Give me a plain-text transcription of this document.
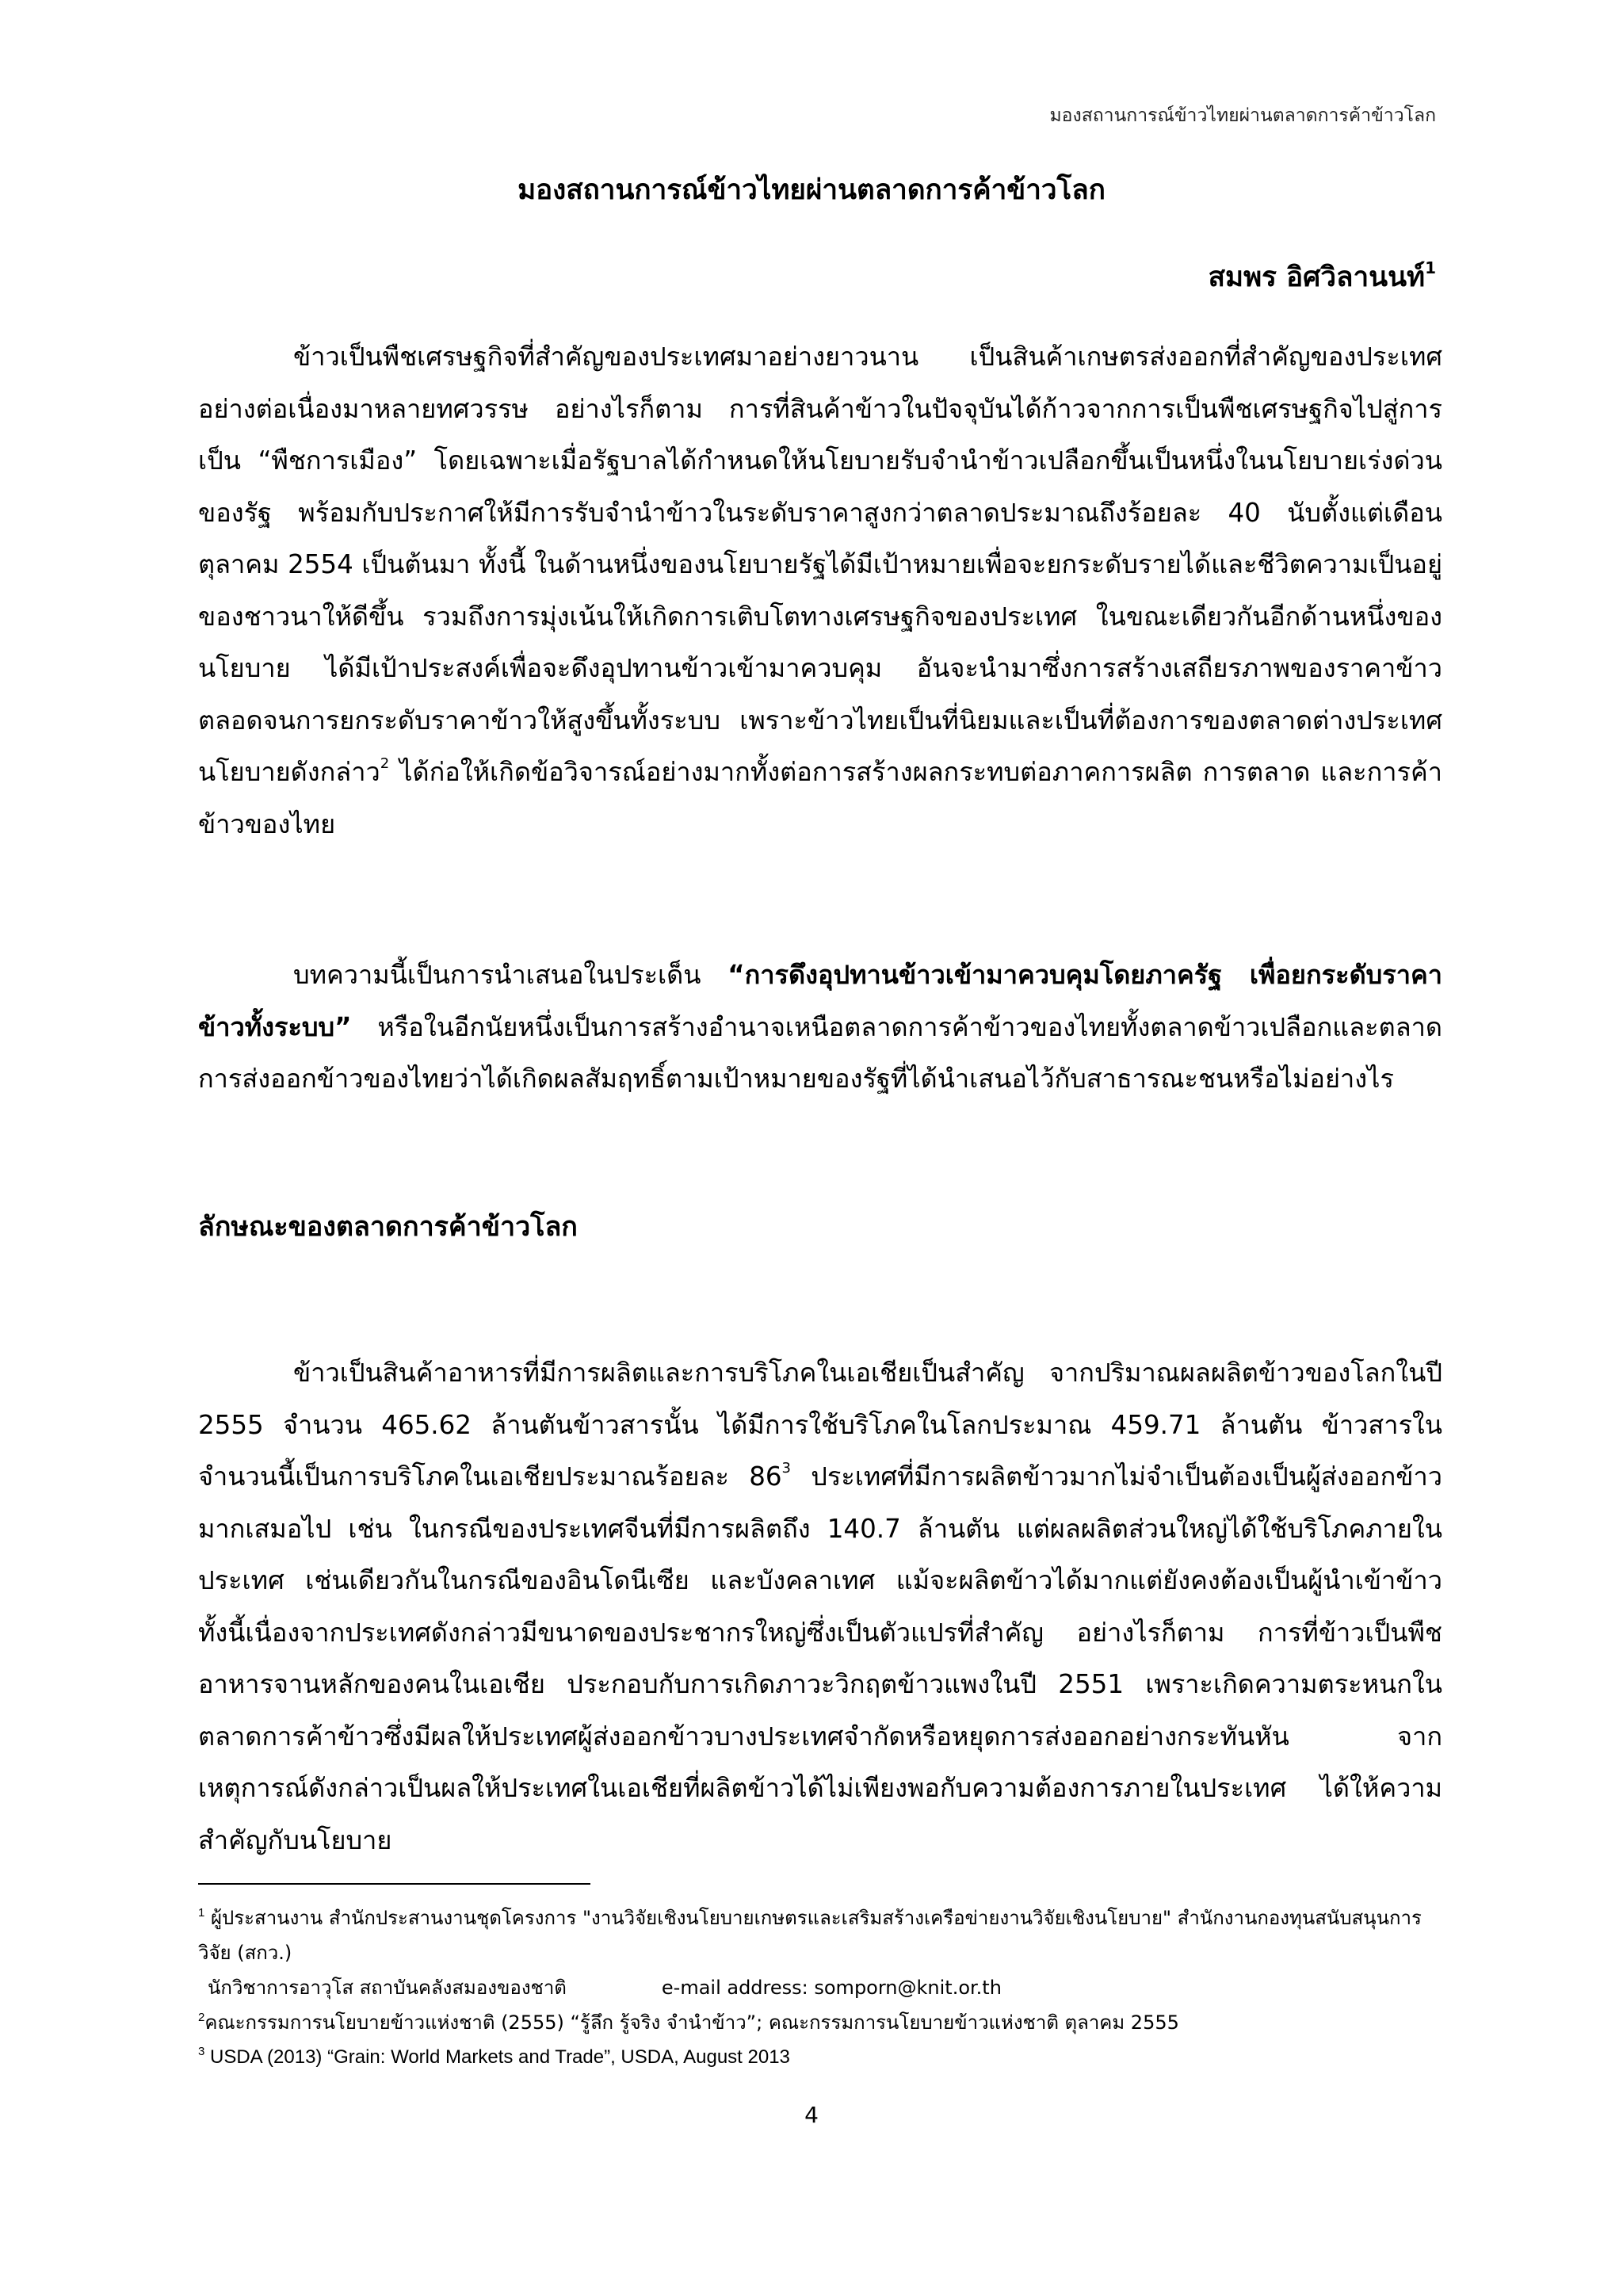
มองสถานการณ์ข้าวไทยผ่านตลาดการค้าข้าวโลก
มองสถานการณ์ข้าวไทยผ่านตลาดการค้าข้าวโลก
สมพร อิศวิลานนท์$^1$
ข้าวเป็นพืชเศรษฐกิจที่สำคัญของประเทศมาอย่างยาวนาน เป็นสินค้าเกษตรส่งออกที่สำคัญของประเทศอย่างต่อเนื่องมาหลายทศวรรษ อย่างไรก็ตาม การที่สินค้าข้าวในปัจจุบันได้ก้าวจากการเป็นพืชเศรษฐกิจไปสู่การเป็น “พืชการเมือง” โดยเฉพาะเมื่อรัฐบาลได้กำหนดให้นโยบายรับจำนำข้าวเปลือกขึ้นเป็นหนึ่งในนโยบายเร่งด่วนของรัฐ พร้อมกับประกาศให้มีการรับจำนำข้าวในระดับราคาสูงกว่าตลาดประมาณถึงร้อยละ 40 นับตั้งแต่เดือนตุลาคม 2554 เป็นต้นมา ทั้งนี้ ในด้านหนึ่งของนโยบายรัฐได้มีเป้าหมายเพื่อจะยกระดับรายได้และชีวิตความเป็นอยู่ของชาวนาให้ดีขึ้น รวมถึงการมุ่งเน้นให้เกิดการเติบโตทางเศรษฐกิจของประเทศ ในขณะเดียวกันอีกด้านหนึ่งของนโยบาย ได้มีเป้าประสงค์เพื่อจะดึงอุปทานข้าวเข้ามาควบคุม อันจะนำมาซึ่งการสร้างเสถียรภาพของราคาข้าว ตลอดจนการยกระดับราคาข้าวให้สูงขึ้นทั้งระบบ เพราะข้าวไทยเป็นที่นิยมและเป็นที่ต้องการของตลาดต่างประเทศ นโยบายดังกล่าว$^2$ ได้ก่อให้เกิดข้อวิจารณ์อย่างมากทั้งต่อการสร้างผลกระทบต่อภาคการผลิต การตลาด และการค้าข้าวของไทย
บทความนี้เป็นการนำเสนอในประเด็น “การดึงอุปทานข้าวเข้ามาควบคุมโดยภาครัฐ เพื่อยกระดับราคาข้าวทั้งระบบ” หรือในอีกนัยหนึ่งเป็นการสร้างอำนาจเหนือตลาดการค้าข้าวของไทยทั้งตลาดข้าวเปลือกและตลาดการส่งออกข้าวของไทยว่าได้เกิดผลสัมฤทธิ์ตามเป้าหมายของรัฐที่ได้นำเสนอไว้กับสาธารณะชนหรือไม่อย่างไร
ลักษณะของตลาดการค้าข้าวโลก
ข้าวเป็นสินค้าอาหารที่มีการผลิตและการบริโภคในเอเชียเป็นสำคัญ จากปริมาณผลผลิตข้าวของโลกในปี 2555 จำนวน 465.62 ล้านตันข้าวสารนั้น ได้มีการใช้บริโภคในโลกประมาณ 459.71 ล้านตัน ข้าวสารในจำนวนนี้เป็นการบริโภคในเอเชียประมาณร้อยละ $86^3$ ประเทศที่มีการผลิตข้าวมากไม่จำเป็นต้องเป็นผู้ส่งออกข้าวมากเสมอไป เช่น ในกรณีของประเทศจีนที่มีการผลิตถึง 140.7 ล้านตัน แต่ผลผลิตส่วนใหญ่ได้ใช้บริโภคภายในประเทศ เช่นเดียวกันในกรณีของอินโดนีเซีย และบังคลาเทศ แม้จะผลิตข้าวได้มากแต่ยังคงต้องเป็นผู้นำเข้าข้าว ทั้งนี้เนื่องจากประเทศดังกล่าวมีขนาดของประชากรใหญ่ซึ่งเป็นตัวแปรที่สำคัญ อย่างไรก็ตาม การที่ข้าวเป็นพืชอาหารจานหลักของคนในเอเชีย ประกอบกับการเกิดภาวะวิกฤตข้าวแพงในปี 2551 เพราะเกิดความตระหนกในตลาดการค้าข้าวซึ่งมีผลให้ประเทศผู้ส่งออกข้าวบางประเทศจำกัดหรือหยุดการส่งออกอย่างกระทันหัน จากเหตุการณ์ดังกล่าวเป็นผลให้ประเทศในเอเชียที่ผลิตข้าวได้ไม่เพียงพอกับความต้องการภายในประเทศ ได้ให้ความสำคัญกับนโยบาย
$^1$ ผู้ประสานงาน สำนักประสานงานชุดโครงการ "งานวิจัยเชิงนโยบายเกษตรและเสริมสร้างเครือข่ายงานวิจัยเชิงนโยบาย" สำนักงานกองทุนสนับสนุนการวิจัย (สกว.)
นักวิชาการอาวุโส สถาบันคลังสมองของชาติ	e-mail address: somporn@knit.or.th
$^2$คณะกรรมการนโยบายข้าวแห่งชาติ (2555) “รู้ลึก รู้จริง จำนำข้าว”; คณะกรรมการนโยบายข้าวแห่งชาติ ตุลาคม 2555
$^3$ USDA (2013) “Grain: World Markets and Trade”, USDA, August 2013
4
